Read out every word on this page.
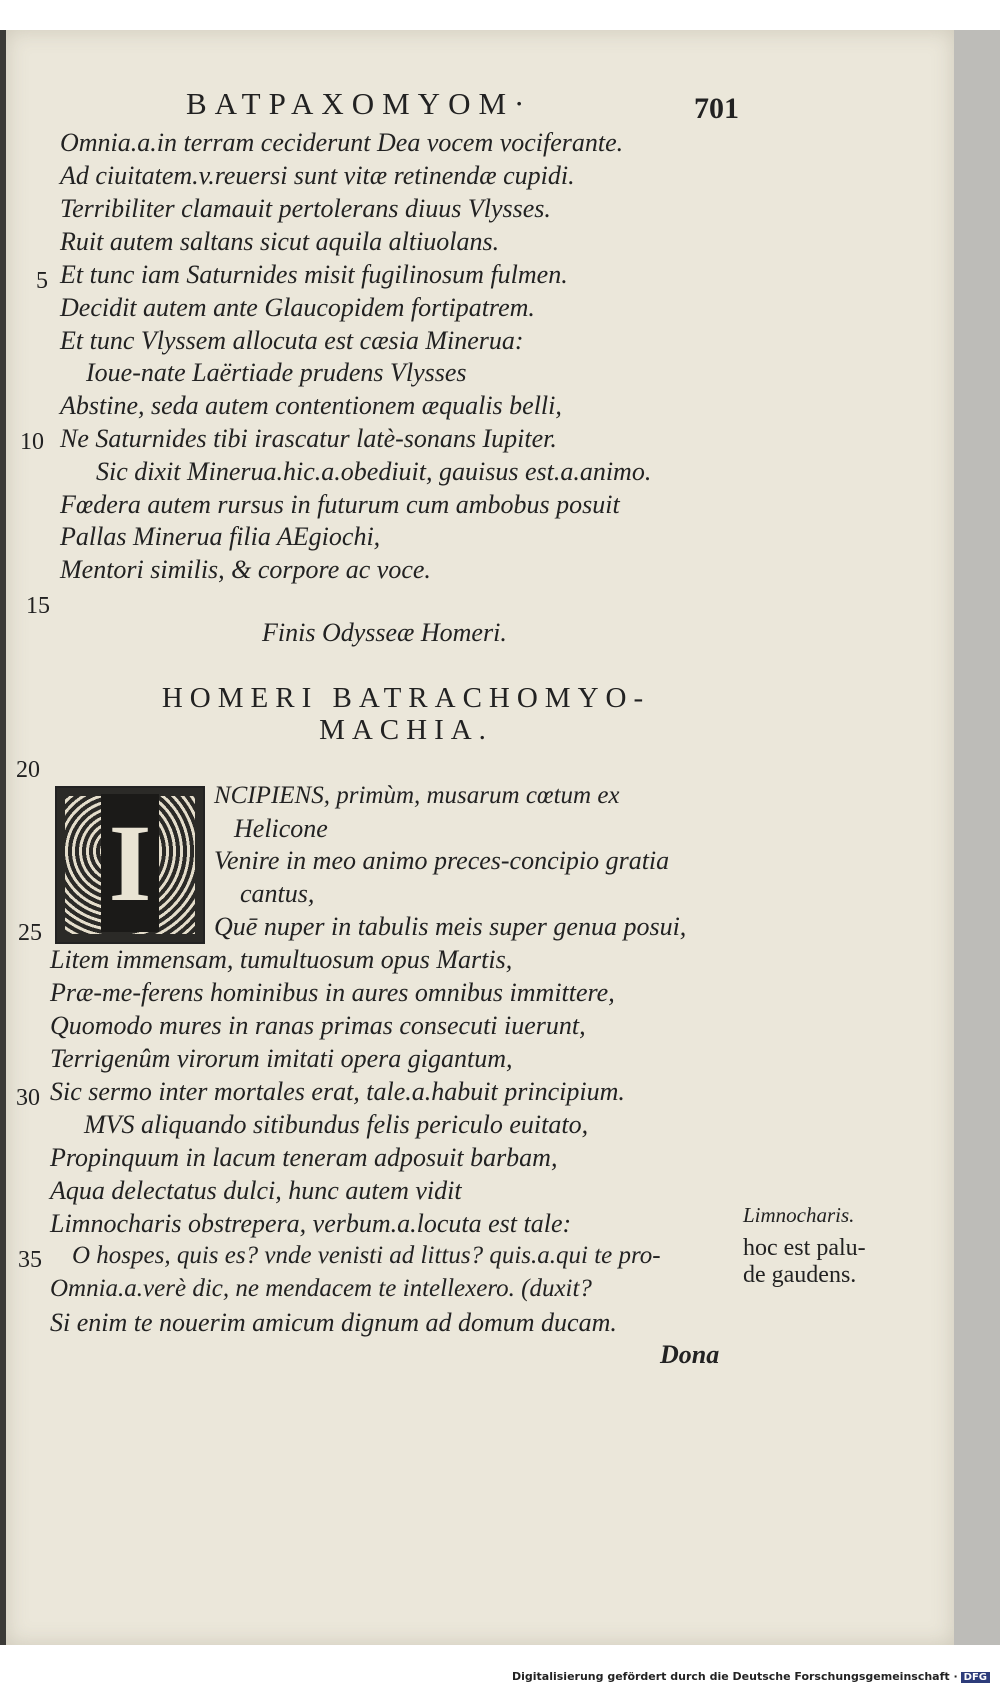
BATPAXOMYOM·	701
Omnia.a.in terram ceciderunt Dea vocem vociferante.
Ad ciuitatem.v.reuersi sunt vitæ retinendæ cupidi.
Terribiliter clamauit pertolerans diuus Vlysses.
Ruit autem saltans sicut aquila altiuolans.
Et tunc iam Saturnides misit fugilinosum fulmen.
Decidit autem ante Glaucopidem fortipatrem.
Et tunc Vlyssem allocuta est cæsia Minerua:
Ioue-nate Laërtiade prudens Vlysses
Abstine, seda autem contentionem æqualis belli,
Ne Saturnides tibi irascatur latè-sonans Iupiter.
Sic dixit Minerua.hic.a.obediuit, gauisus est.a.animo.
Fœdera autem rursus in futurum cum ambobus posuit
Pallas Minerua filia AEgiochi,
Mentori similis, & corpore ac voce.
5
10
15
20
25
30
35
Finis Odysseæ Homeri.
HOMERI BATRACHOMYO-
MACHIA.
I
NCIPIENS, primùm, musarum cœtum ex
Helicone
Venire in meo animo preces-concipio gratia
cantus,
Quē nuper in tabulis meis super genua posui,
Litem immensam, tumultuosum opus Martis,
Præ-me-ferens hominibus in aures omnibus immittere,
Quomodo mures in ranas primas consecuti iuerunt,
Terrigenûm virorum imitati opera gigantum,
Sic sermo inter mortales erat, tale.a.habuit principium.
MVS aliquando sitibundus felis periculo euitato,
Propinquum in lacum teneram adposuit barbam,
Aqua delectatus dulci, hunc autem vidit
Limnocharis obstrepera, verbum.a.locuta est tale:
O hospes, quis es? vnde venisti ad littus? quis.a.qui te pro-
Omnia.a.verè dic, ne mendacem te intellexero. (duxit?
Si enim te nouerim amicum dignum ad domum ducam.
Dona
Limnocharis.
hoc est palu-
de gaudens.
Digitalisierung gefördert durch die Deutsche Forschungsgemeinschaft · DFG
